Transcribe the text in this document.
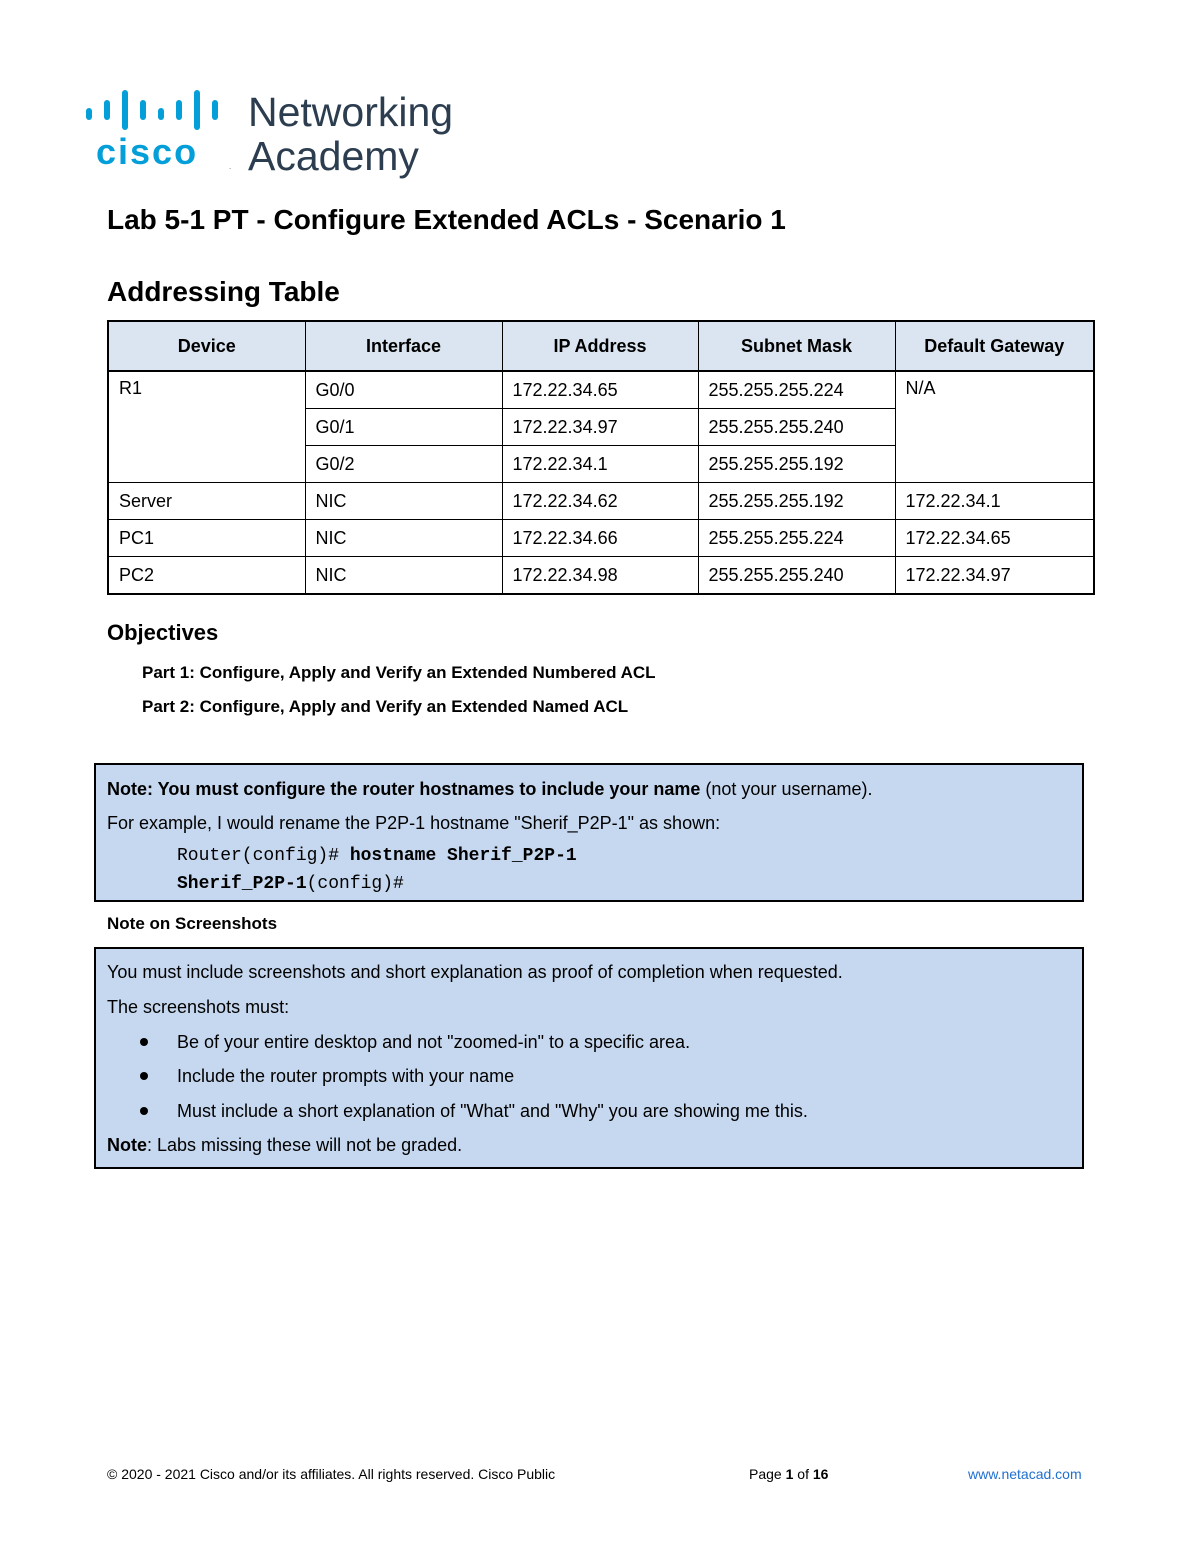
cisco	.
Networking
Academy
Lab 5-1 PT - Configure Extended ACLs - Scenario 1
Addressing Table
Device	Interface	IP Address	Subnet Mask	Default Gateway
R1	G0/0	172.22.34.65	255.255.255.224	N/A
	G0/1	172.22.34.97	255.255.255.240	
	G0/2	172.22.34.1	255.255.255.192	
Server	NIC	172.22.34.62	255.255.255.192	172.22.34.1
PC1	NIC	172.22.34.66	255.255.255.224	172.22.34.65
PC2	NIC	172.22.34.98	255.255.255.240	172.22.34.97
Objectives

Part 1: Configure, Apply and Verify an Extended Numbered ACL

Part 2: Configure, Apply and Verify an Extended Named ACL

Note: You must configure the router hostnames to include your name (not your username).

For example, I would rename the P2P-1 hostname "Sherif_P2P-1" as shown:

Router(config)# hostname Sherif_P2P-1

Sherif_P2P-1(config)#

Note on Screenshots

You must include screenshots and short explanation as proof of completion when requested.

The screenshots must:

Be of your entire desktop and not "zoomed-in" to a specific area.

Include the router prompts with your name

Must include a short explanation of "What" and "Why" you are showing me this.

Note: Labs missing these will not be graded.

© 2020 - 2021 Cisco and/or its affiliates. All rights reserved. Cisco Public	Page 1 of 16	www.netacad.com
